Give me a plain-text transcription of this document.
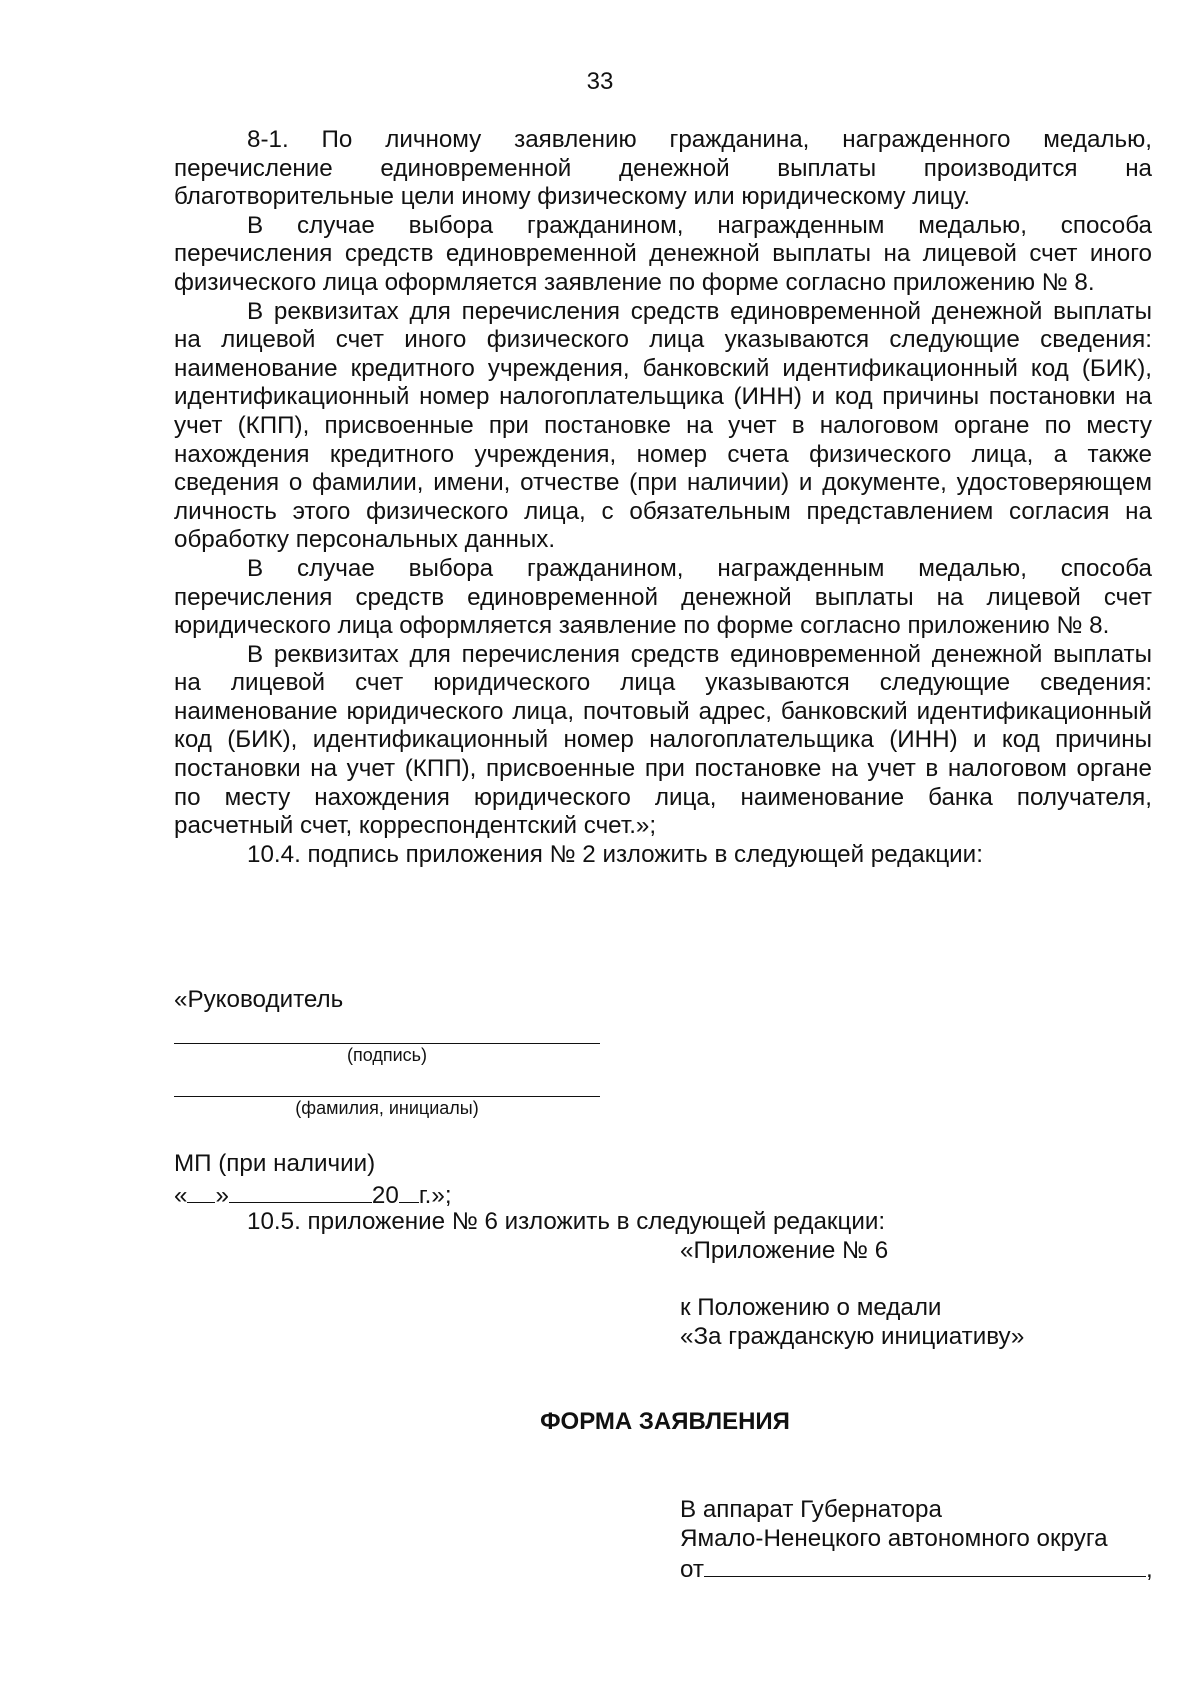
33

8-1. По личному заявлению гражданина, награжденного медалью, перечисление единовременной денежной выплаты производится на благотворительные цели иному физическому или юридическому лицу.

В случае выбора гражданином, награжденным медалью, способа перечисления средств единовременной денежной выплаты на лицевой счет иного физического лица оформляется заявление по форме согласно приложению № 8.

В реквизитах для перечисления средств единовременной денежной выплаты на лицевой счет иного физического лица указываются следующие сведения: наименование кредитного учреждения, банковский идентификационный код (БИК), идентификационный номер налогоплательщика (ИНН) и код причины постановки на учет (КПП), присвоенные при постановке на учет в налоговом органе по месту нахождения кредитного учреждения, номер счета физического лица, а также сведения о фамилии, имени, отчестве (при наличии) и документе, удостоверяющем личность этого физического лица, с обязательным представлением согласия на обработку персональных данных.

В случае выбора гражданином, награжденным медалью, способа перечисления средств единовременной денежной выплаты на лицевой счет юридического лица оформляется заявление по форме согласно приложению № 8.

В реквизитах для перечисления средств единовременной денежной выплаты на лицевой счет юридического лица указываются следующие сведения: наименование юридического лица, почтовый адрес, банковский идентификационный код (БИК), идентификационный номер налогоплательщика (ИНН) и код причины постановки на учет (КПП), присвоенные при постановке на учет в налоговом органе по месту нахождения юридического лица, наименование банка получателя, расчетный счет, корреспондентский счет.»;

10.4. подпись приложения № 2 изложить в следующей редакции:

«Руководитель
(подпись)
(фамилия, инициалы)
МП (при наличии)
« »	20 г.»;
10.5. приложение № 6 изложить в следующей редакции:
«Приложение № 6
к Положению о медали
«За гражданскую инициативу»
ФОРМА ЗАЯВЛЕНИЯ
В аппарат Губернатора
Ямало-Ненецкого автономного округа
от	,
